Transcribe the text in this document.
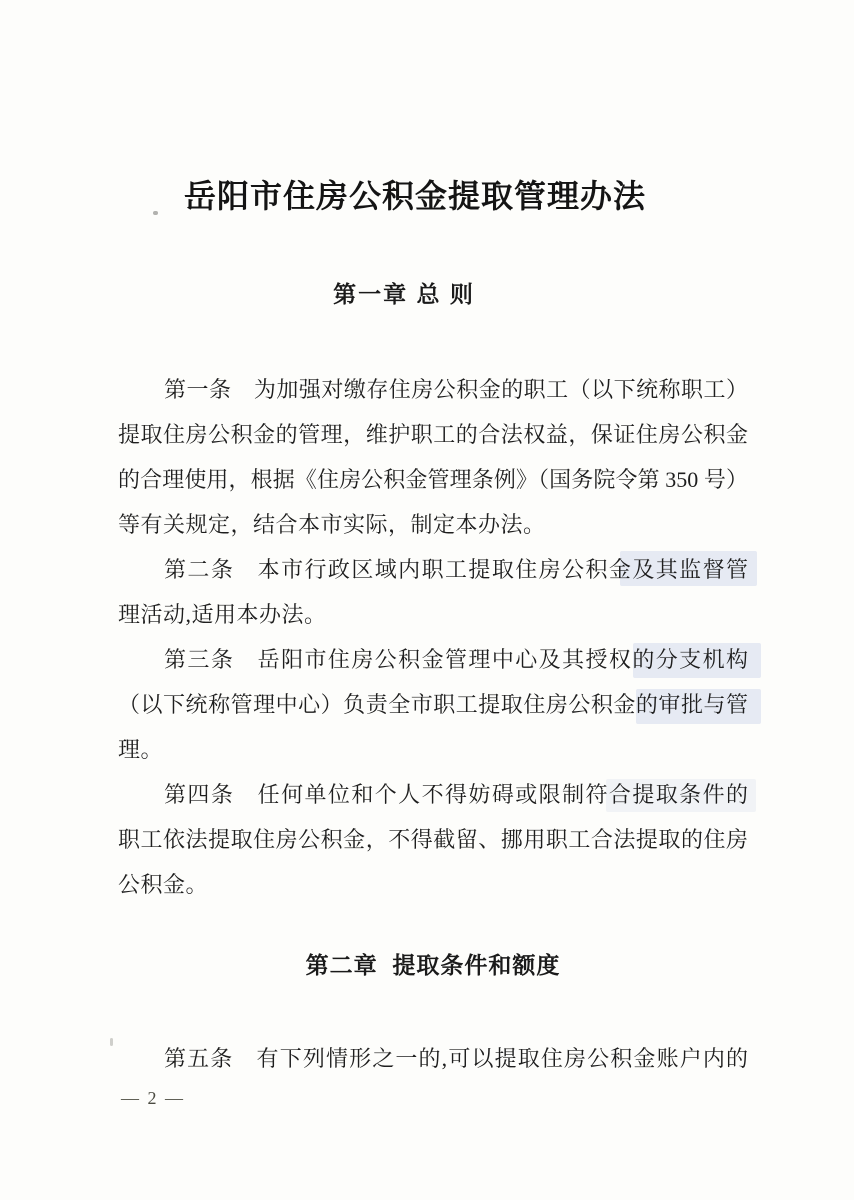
岳阳市住房公积金提取管理办法
第一章 总 则
第一条　为加强对缴存住房公积金的职工（以下统称职工）
提取住房公积金的管理，维护职工的合法权益，保证住房公积金
的合理使用，根据《住房公积金管理条例》（国务院令第 350 号）
等有关规定，结合本市实际，制定本办法。
第二条　本市行政区域内职工提取住房公积金及其监督管
理活动,适用本办法。
第三条　岳阳市住房公积金管理中心及其授权的分支机构
（以下统称管理中心）负责全市职工提取住房公积金的审批与管
理。
第四条　任何单位和个人不得妨碍或限制符合提取条件的
职工依法提取住房公积金，不得截留、挪用职工合法提取的住房
公积金。
第二章  提取条件和额度
第五条　有下列情形之一的,可以提取住房公积金账户内的
— 2 —
